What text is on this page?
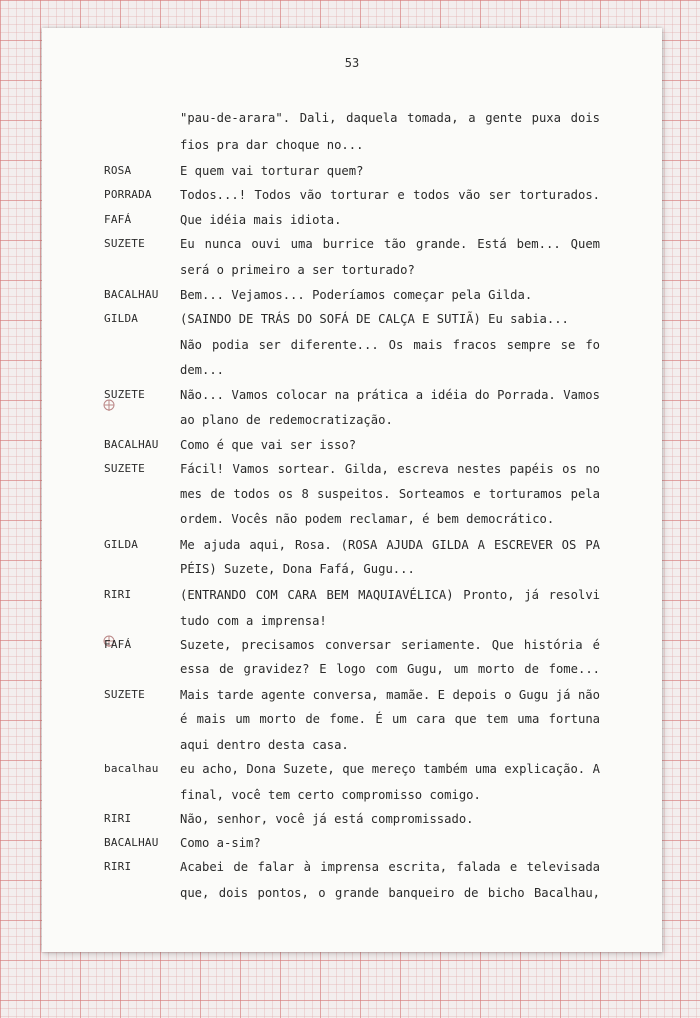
53
"pau-de-arara". Dali, daquela tomada, a gente puxa dois
fios pra dar choque no...
ROSA	E quem vai torturar quem?
PORRADA Todos...! Todos vão torturar e todos vão ser torturados.
FAFÁ	Que idéia mais idiota.
SUZETE	Eu nunca ouvi uma burrice tão grande. Está bem... Quem
será o primeiro a ser torturado?
BACALHAU Bem... Vejamos... Poderíamos começar pela Gilda.
GILDA	(SAINDO DE TRÁS DO SOFÁ DE CALÇA E SUTIÃ) Eu sabia...
Não podia ser diferente... Os mais fracos sempre se fo
dem...
SUZETE	Não... Vamos colocar na prática a idéia do Porrada. Vamos
ao plano de redemocratização.
BACALHAU Como é que vai ser isso?
SUZETE	Fácil! Vamos sortear. Gilda, escreva nestes papéis os no
mes de todos os 8 suspeitos. Sorteamos e torturamos pela
ordem. Vocês não podem reclamar, é bem democrático.
GILDA	Me ajuda aqui, Rosa. (ROSA AJUDA GILDA A ESCREVER OS PA
PÉIS) Suzete, Dona Fafá, Gugu...
RIRI	(ENTRANDO COM CARA BEM MAQUIAVÉLICA) Pronto, já resolvi
tudo com a imprensa!
FAFÁ	Suzete, precisamos conversar seriamente. Que história é
essa de gravidez? E logo com Gugu, um morto de fome...
SUZETE	Mais tarde agente conversa, mamãe. E depois o Gugu já não
é mais um morto de fome. É um cara que tem uma fortuna
aqui dentro desta casa.
bacalhau eu acho, Dona Suzete, que mereço também uma explicação. A
final, você tem certo compromisso comigo.
RIRI	Não, senhor, você já está compromissado.
BACALHAU Como a-sim?
RIRI	Acabei de falar à imprensa escrita, falada e televisada
que, dois pontos, o grande banqueiro de bicho Bacalhau,
